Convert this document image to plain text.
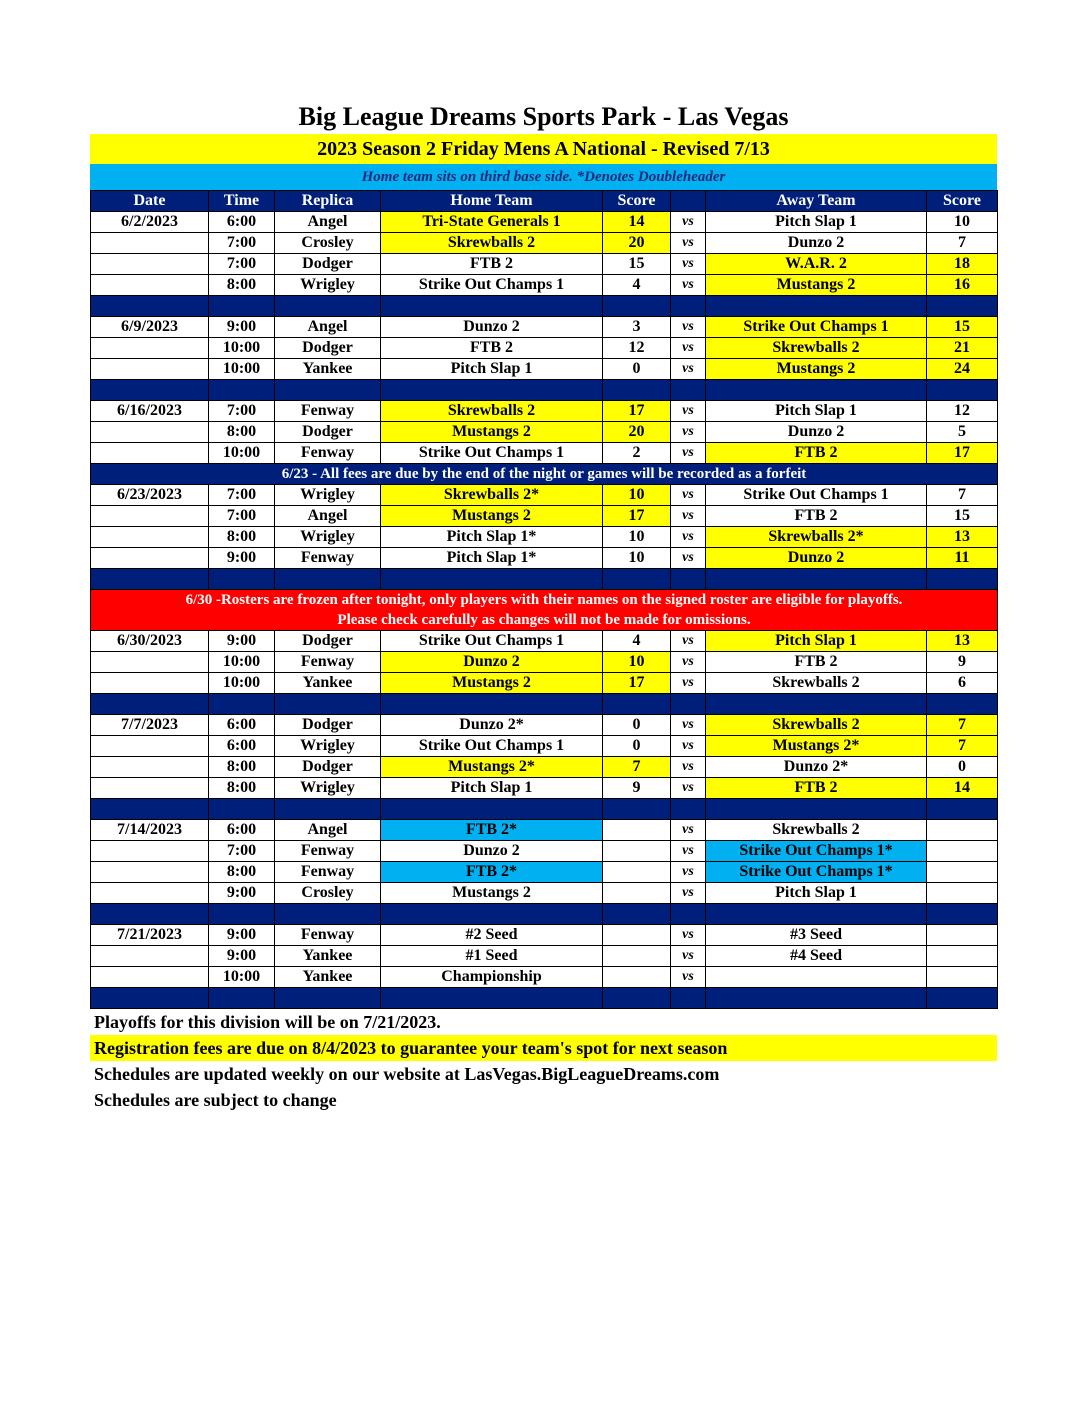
Big League Dreams Sports Park - Las Vegas
2023 Season 2 Friday Mens A National - Revised 7/13
Home team sits on third base side. *Denotes Doubleheader
Date	Time	Replica	Home Team	Score		Away Team	Score
6/2/2023	6:00	Angel	Tri-State Generals 1	14	vs	Pitch Slap 1	10
	7:00	Crosley	Skrewballs 2	20	vs	Dunzo 2	7
	7:00	Dodger	FTB 2	15	vs	W.A.R. 2	18
	8:00	Wrigley	Strike Out Champs 1	4	vs	Mustangs 2	16

6/9/2023	9:00	Angel	Dunzo 2	3	vs	Strike Out Champs 1	15
	10:00	Dodger	FTB 2	12	vs	Skrewballs 2	21
	10:00	Yankee	Pitch Slap 1	0	vs	Mustangs 2	24

6/16/2023	7:00	Fenway	Skrewballs 2	17	vs	Pitch Slap 1	12
	8:00	Dodger	Mustangs 2	20	vs	Dunzo 2	5
	10:00	Fenway	Strike Out Champs 1	2	vs	FTB 2	17
6/23 - All fees are due by the end of the night or games will be recorded as a forfeit							
6/23/2023	7:00	Wrigley	Skrewballs 2*	10	vs	Strike Out Champs 1	7
	7:00	Angel	Mustangs 2	17	vs	FTB 2	15
	8:00	Wrigley	Pitch Slap 1*	10	vs	Skrewballs 2*	13
	9:00	Fenway	Pitch Slap 1*	10	vs	Dunzo 2	11

6/30 -Rosters are frozen after tonight, only players with their names on the signed roster are eligible for playoffs.
Please check carefully as changes will not be made for omissions.							

6/30/2023	9:00	Dodger	Strike Out Champs 1	4	vs	Pitch Slap 1	13
	10:00	Fenway	Dunzo 2	10	vs	FTB 2	9
	10:00	Yankee	Mustangs 2	17	vs	Skrewballs 2	6

7/7/2023	6:00	Dodger	Dunzo 2*	0	vs	Skrewballs 2	7
	6:00	Wrigley	Strike Out Champs 1	0	vs	Mustangs 2*	7
	8:00	Dodger	Mustangs 2*	7	vs	Dunzo 2*	0
	8:00	Wrigley	Pitch Slap 1	9	vs	FTB 2	14

7/14/2023	6:00	Angel	FTB 2*		vs	Skrewballs 2	
	7:00	Fenway	Dunzo 2		vs	Strike Out Champs 1*	
	8:00	Fenway	FTB 2*		vs	Strike Out Champs 1*	
	9:00	Crosley	Mustangs 2		vs	Pitch Slap 1	

7/21/2023	9:00	Fenway	#2 Seed		vs	#3 Seed	
	9:00	Yankee	#1 Seed		vs	#4 Seed	
	10:00	Yankee	Championship		vs		

Playoffs for this division will be on 7/21/2023.
Registration fees are due on 8/4/2023 to guarantee your team's spot for next season
Schedules are updated weekly on our website at LasVegas.BigLeagueDreams.com
Schedules are subject to change
